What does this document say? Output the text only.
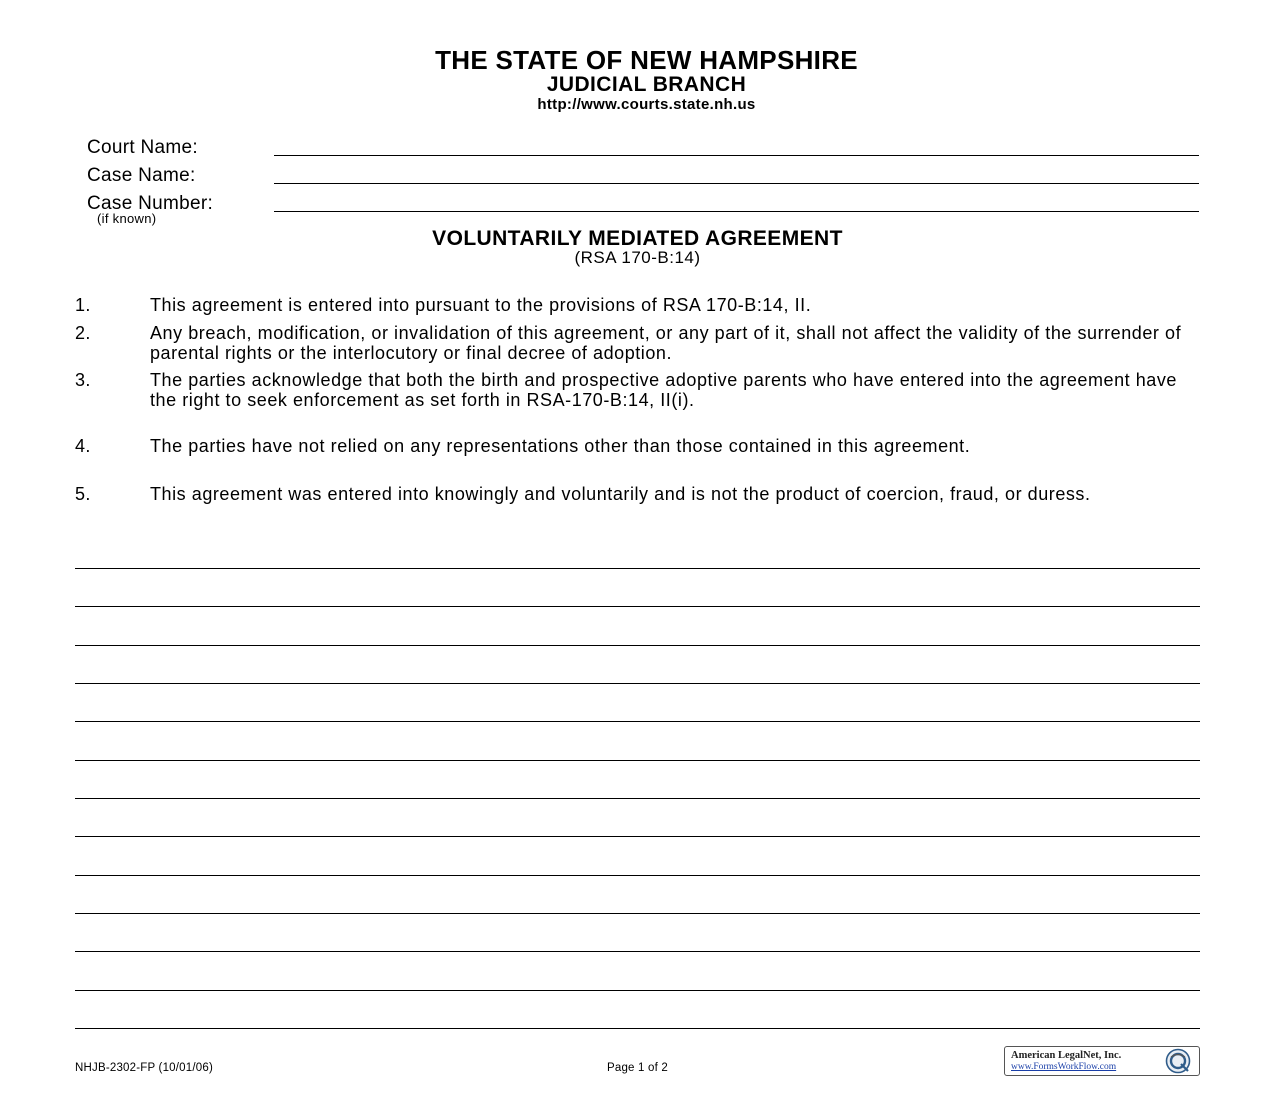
THE STATE OF NEW HAMPSHIRE
JUDICIAL BRANCH
http://www.courts.state.nh.us
Court Name:
Case Name:
Case Number:
(if known)
VOLUNTARILY MEDIATED AGREEMENT
(RSA 170-B:14)
1.	This agreement is entered into pursuant to the provisions of RSA 170-B:14, II.
2.	Any breach, modification, or invalidation of this agreement, or any part of it, shall not affect the validity of the surrender of parental rights or the interlocutory or final decree of adoption.
3.	The parties acknowledge that both the birth and prospective adoptive parents who have entered into the agreement have the right to seek enforcement as set forth in RSA-170-B:14, II(i).
4.	The parties have not relied on any representations other than those contained in this agreement.
5.	This agreement was entered into knowingly and voluntarily and is not the product of coercion, fraud, or duress.
NHJB-2302-FP (10/01/06)	Page 1 of 2
American LegalNet, Inc.
www.FormsWorkFlow.com
